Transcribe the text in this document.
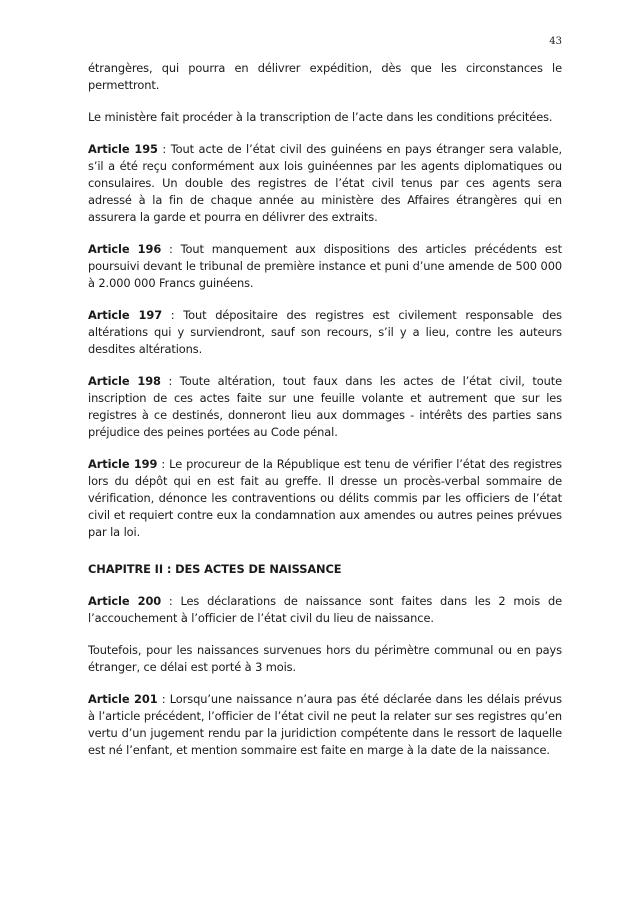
43

étrangères, qui pourra en délivrer expédition, dès que les circonstances le permettront.

Le ministère fait procéder à la transcription de l’acte dans les conditions précitées.

Article 195 : Tout acte de l’état civil des guinéens en pays étranger sera valable, s’il a été reçu conformément aux lois guinéennes par les agents diplomatiques ou consulaires. Un double des registres de l’état civil tenus par ces agents sera adressé à la fin de chaque année au ministère des Affaires étrangères qui en assurera la garde et pourra en délivrer des extraits.

Article 196 : Tout manquement aux dispositions des articles précédents est poursuivi devant le tribunal de première instance et puni d’une amende de 500 000 à 2.000 000 Francs guinéens.

Article 197 : Tout dépositaire des registres est civilement responsable des altérations qui y surviendront, sauf son recours, s’il y a lieu, contre les auteurs desdites altérations.

Article 198 : Toute altération, tout faux dans les actes de l’état civil, toute inscription de ces actes faite sur une feuille volante et autrement que sur les registres à ce destinés, donneront lieu aux dommages - intérêts des parties sans préjudice des peines portées au Code pénal.

Article 199 : Le procureur de la République est tenu de vérifier l’état des registres lors du dépôt qui en est fait au greffe. Il dresse un procès-verbal sommaire de vérification, dénonce les contraventions ou délits commis par les officiers de l’état civil et requiert contre eux la condamnation aux amendes ou autres peines prévues par la loi.

CHAPITRE II : DES ACTES DE NAISSANCE

Article 200 : Les déclarations de naissance sont faites dans les 2 mois de l’accouchement à l’officier de l’état civil du lieu de naissance.

Toutefois, pour les naissances survenues hors du périmètre communal ou en pays étranger, ce délai est porté à 3 mois.

Article 201 : Lorsqu’une naissance n’aura pas été déclarée dans les délais prévus à l’article précédent, l’officier de l’état civil ne peut la relater sur ses registres qu’en vertu d’un jugement rendu par la juridiction compétente dans le ressort de laquelle est né l’enfant, et mention sommaire est faite en marge à la date de la naissance.
